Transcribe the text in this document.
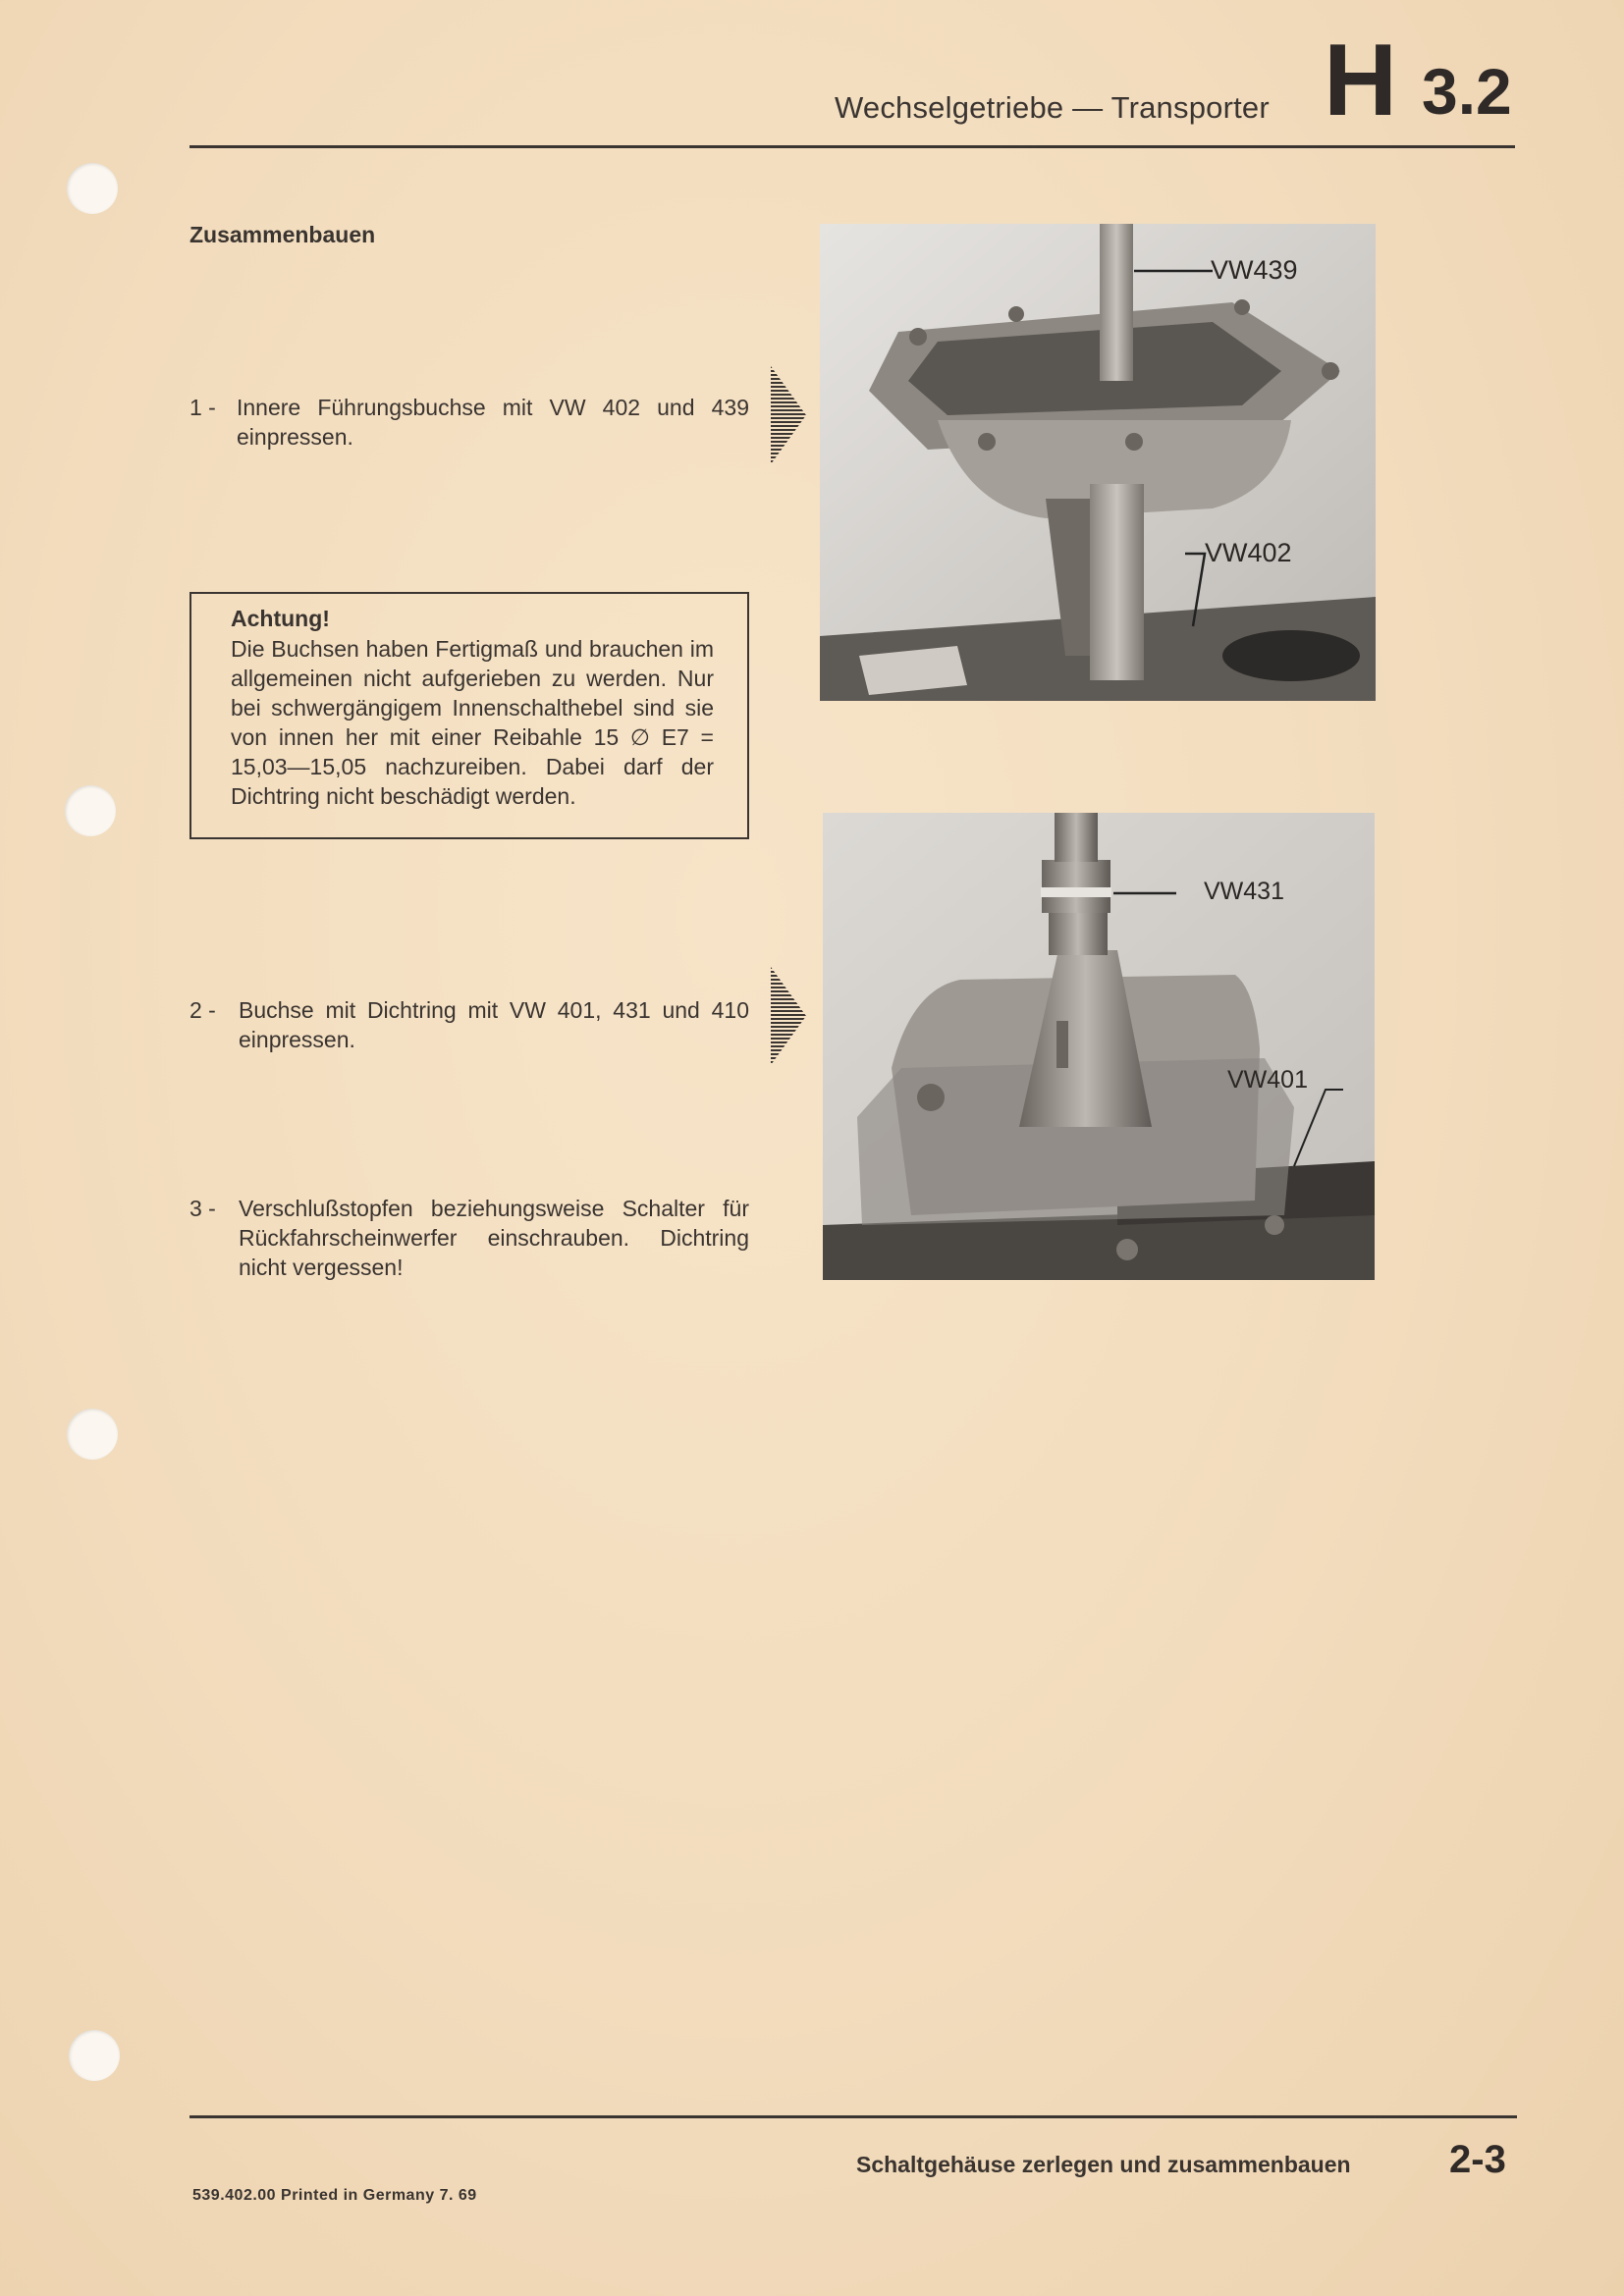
Wechselgetriebe — Transporter H 3.2
Zusammenbauen
1 - Innere Führungsbuchse mit VW 402 und 439 einpressen.
Achtung!
Die Buchsen haben Fertigmaß und brauchen im allgemeinen nicht aufgerieben zu werden. Nur bei schwergängigem Innenschalthebel sind sie von innen her mit einer Reibahle 15 ∅ E7 = 15,03—15,05 nachzureiben. Dabei darf der Dichtring nicht beschädigt werden.
2 -	Buchse mit Dichtring mit VW 401, 431 und 410 einpressen.
3 -	Verschlußstopfen beziehungsweise Schalter für Rückfahrscheinwerfer einschrauben. Dichtring nicht vergessen!
VW439
VW402
VW431
VW401
Schaltgehäuse zerlegen und zusammenbauen	2-3
539.402.00 Printed in Germany 7. 69
